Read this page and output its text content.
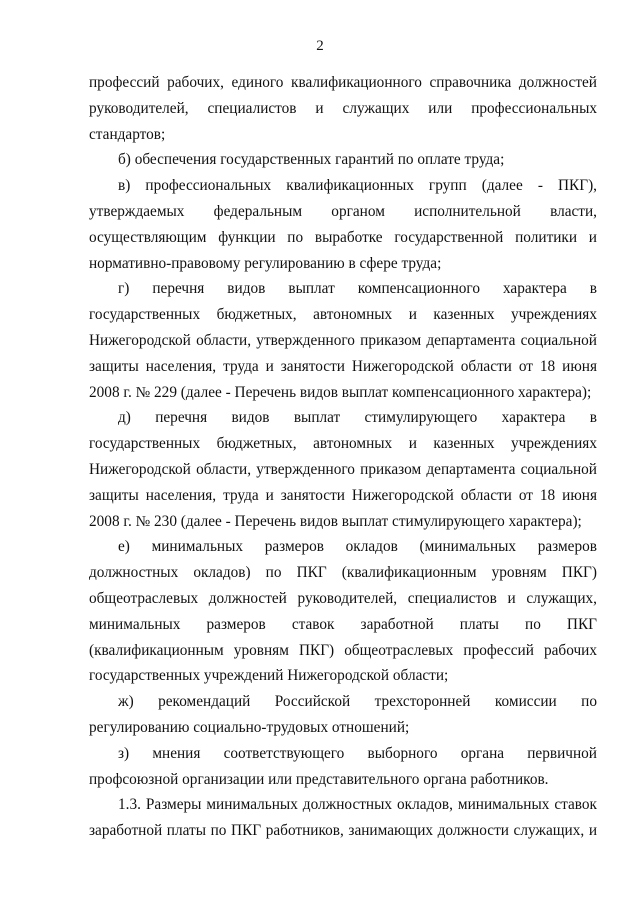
2
профессий рабочих, единого квалификационного справочника должностей
руководителей, специалистов и служащих или профессиональных
стандартов;
б) обеспечения государственных гарантий по оплате труда;
в) профессиональных квалификационных групп (далее - ПКГ),
утверждаемых федеральным органом исполнительной власти,
осуществляющим функции по выработке государственной политики и
нормативно-правовому регулированию в сфере труда;
г) перечня видов выплат компенсационного характера в
государственных бюджетных, автономных и казенных учреждениях
Нижегородской области, утвержденного приказом департамента социальной
защиты населения, труда и занятости Нижегородской области от 18 июня
2008 г. № 229 (далее - Перечень видов выплат компенсационного характера);
д) перечня видов выплат стимулирующего характера в
государственных бюджетных, автономных и казенных учреждениях
Нижегородской области, утвержденного приказом департамента социальной
защиты населения, труда и занятости Нижегородской области от 18 июня
2008 г. № 230 (далее - Перечень видов выплат стимулирующего характера);
е) минимальных размеров окладов (минимальных размеров
должностных окладов) по ПКГ (квалификационным уровням ПКГ)
общеотраслевых должностей руководителей, специалистов и служащих,
минимальных размеров ставок заработной платы по ПКГ
(квалификационным уровням ПКГ) общеотраслевых профессий рабочих
государственных учреждений Нижегородской области;
ж) рекомендаций Российской трехсторонней комиссии по
регулированию социально-трудовых отношений;
з) мнения соответствующего выборного органа первичной
профсоюзной организации или представительного органа работников.
1.3. Размеры минимальных должностных окладов, минимальных ставок
заработной платы по ПКГ работников, занимающих должности служащих, и
